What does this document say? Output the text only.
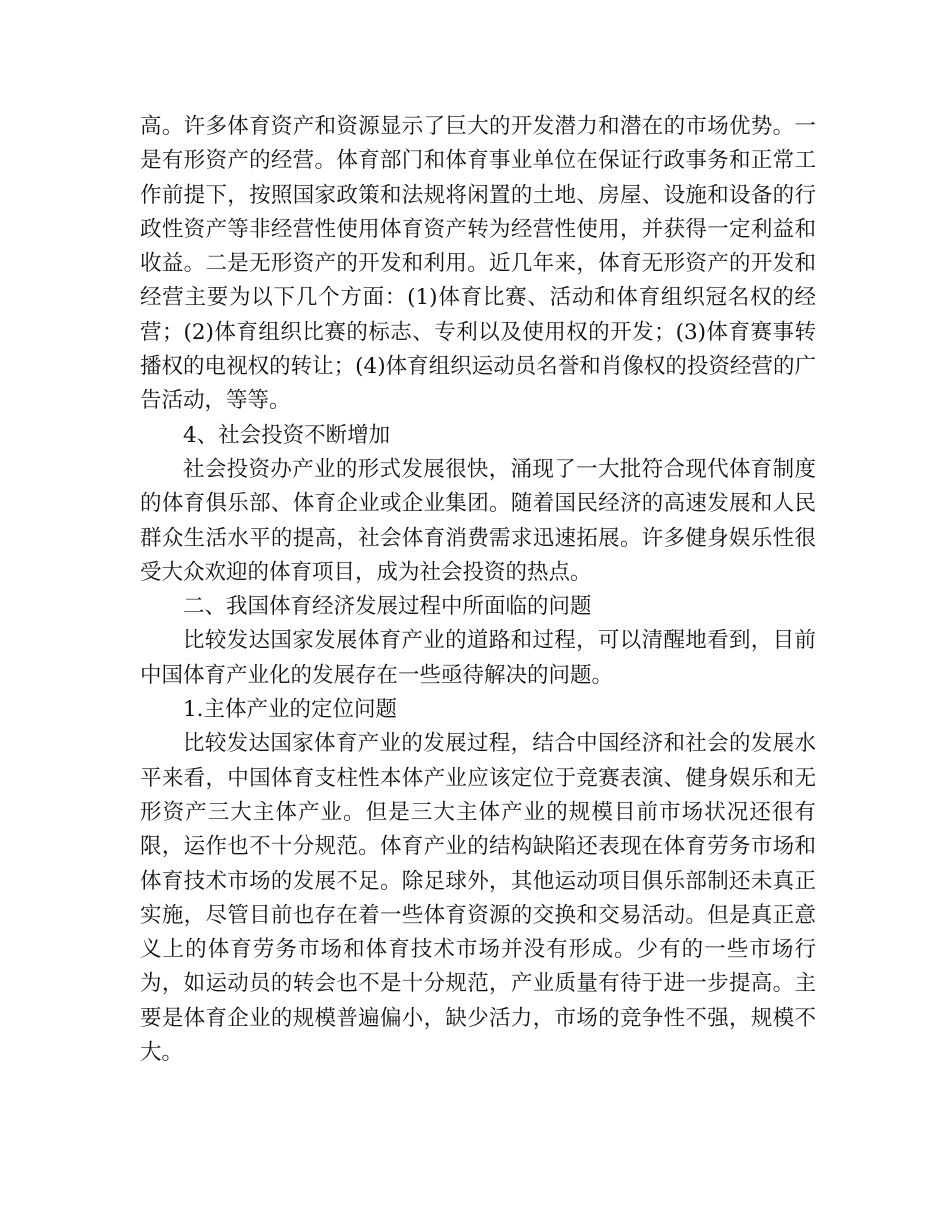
高。许多体育资产和资源显示了巨大的开发潜力和潜在的市场优势。一是有形资产的经营。体育部门和体育事业单位在保证行政事务和正常工作前提下，按照国家政策和法规将闲置的土地、房屋、设施和设备的行政性资产等非经营性使用体育资产转为经营性使用，并获得一定利益和收益。二是无形资产的开发和利用。近几年来，体育无形资产的开发和经营主要为以下几个方面：(1)体育比赛、活动和体育组织冠名权的经营；(2)体育组织比赛的标志、专利以及使用权的开发；(3)体育赛事转播权的电视权的转让；(4)体育组织运动员名誉和肖像权的投资经营的广告活动，等等。

4、社会投资不断增加

社会投资办产业的形式发展很快，涌现了一大批符合现代体育制度的体育俱乐部、体育企业或企业集团。随着国民经济的高速发展和人民群众生活水平的提高，社会体育消费需求迅速拓展。许多健身娱乐性很受大众欢迎的体育项目，成为社会投资的热点。

二、我国体育经济发展过程中所面临的问题

比较发达国家发展体育产业的道路和过程，可以清醒地看到，目前中国体育产业化的发展存在一些亟待解决的问题。

1.主体产业的定位问题

比较发达国家体育产业的发展过程，结合中国经济和社会的发展水平来看，中国体育支柱性本体产业应该定位于竞赛表演、健身娱乐和无形资产三大主体产业。但是三大主体产业的规模目前市场状况还很有限，运作也不十分规范。体育产业的结构缺陷还表现在体育劳务市场和体育技术市场的发展不足。除足球外，其他运动项目俱乐部制还未真正实施，尽管目前也存在着一些体育资源的交换和交易活动。但是真正意义上的体育劳务市场和体育技术市场并没有形成。少有的一些市场行为，如运动员的转会也不是十分规范，产业质量有待于进一步提高。主要是体育企业的规模普遍偏小，缺少活力，市场的竞争性不强，规模不大。
